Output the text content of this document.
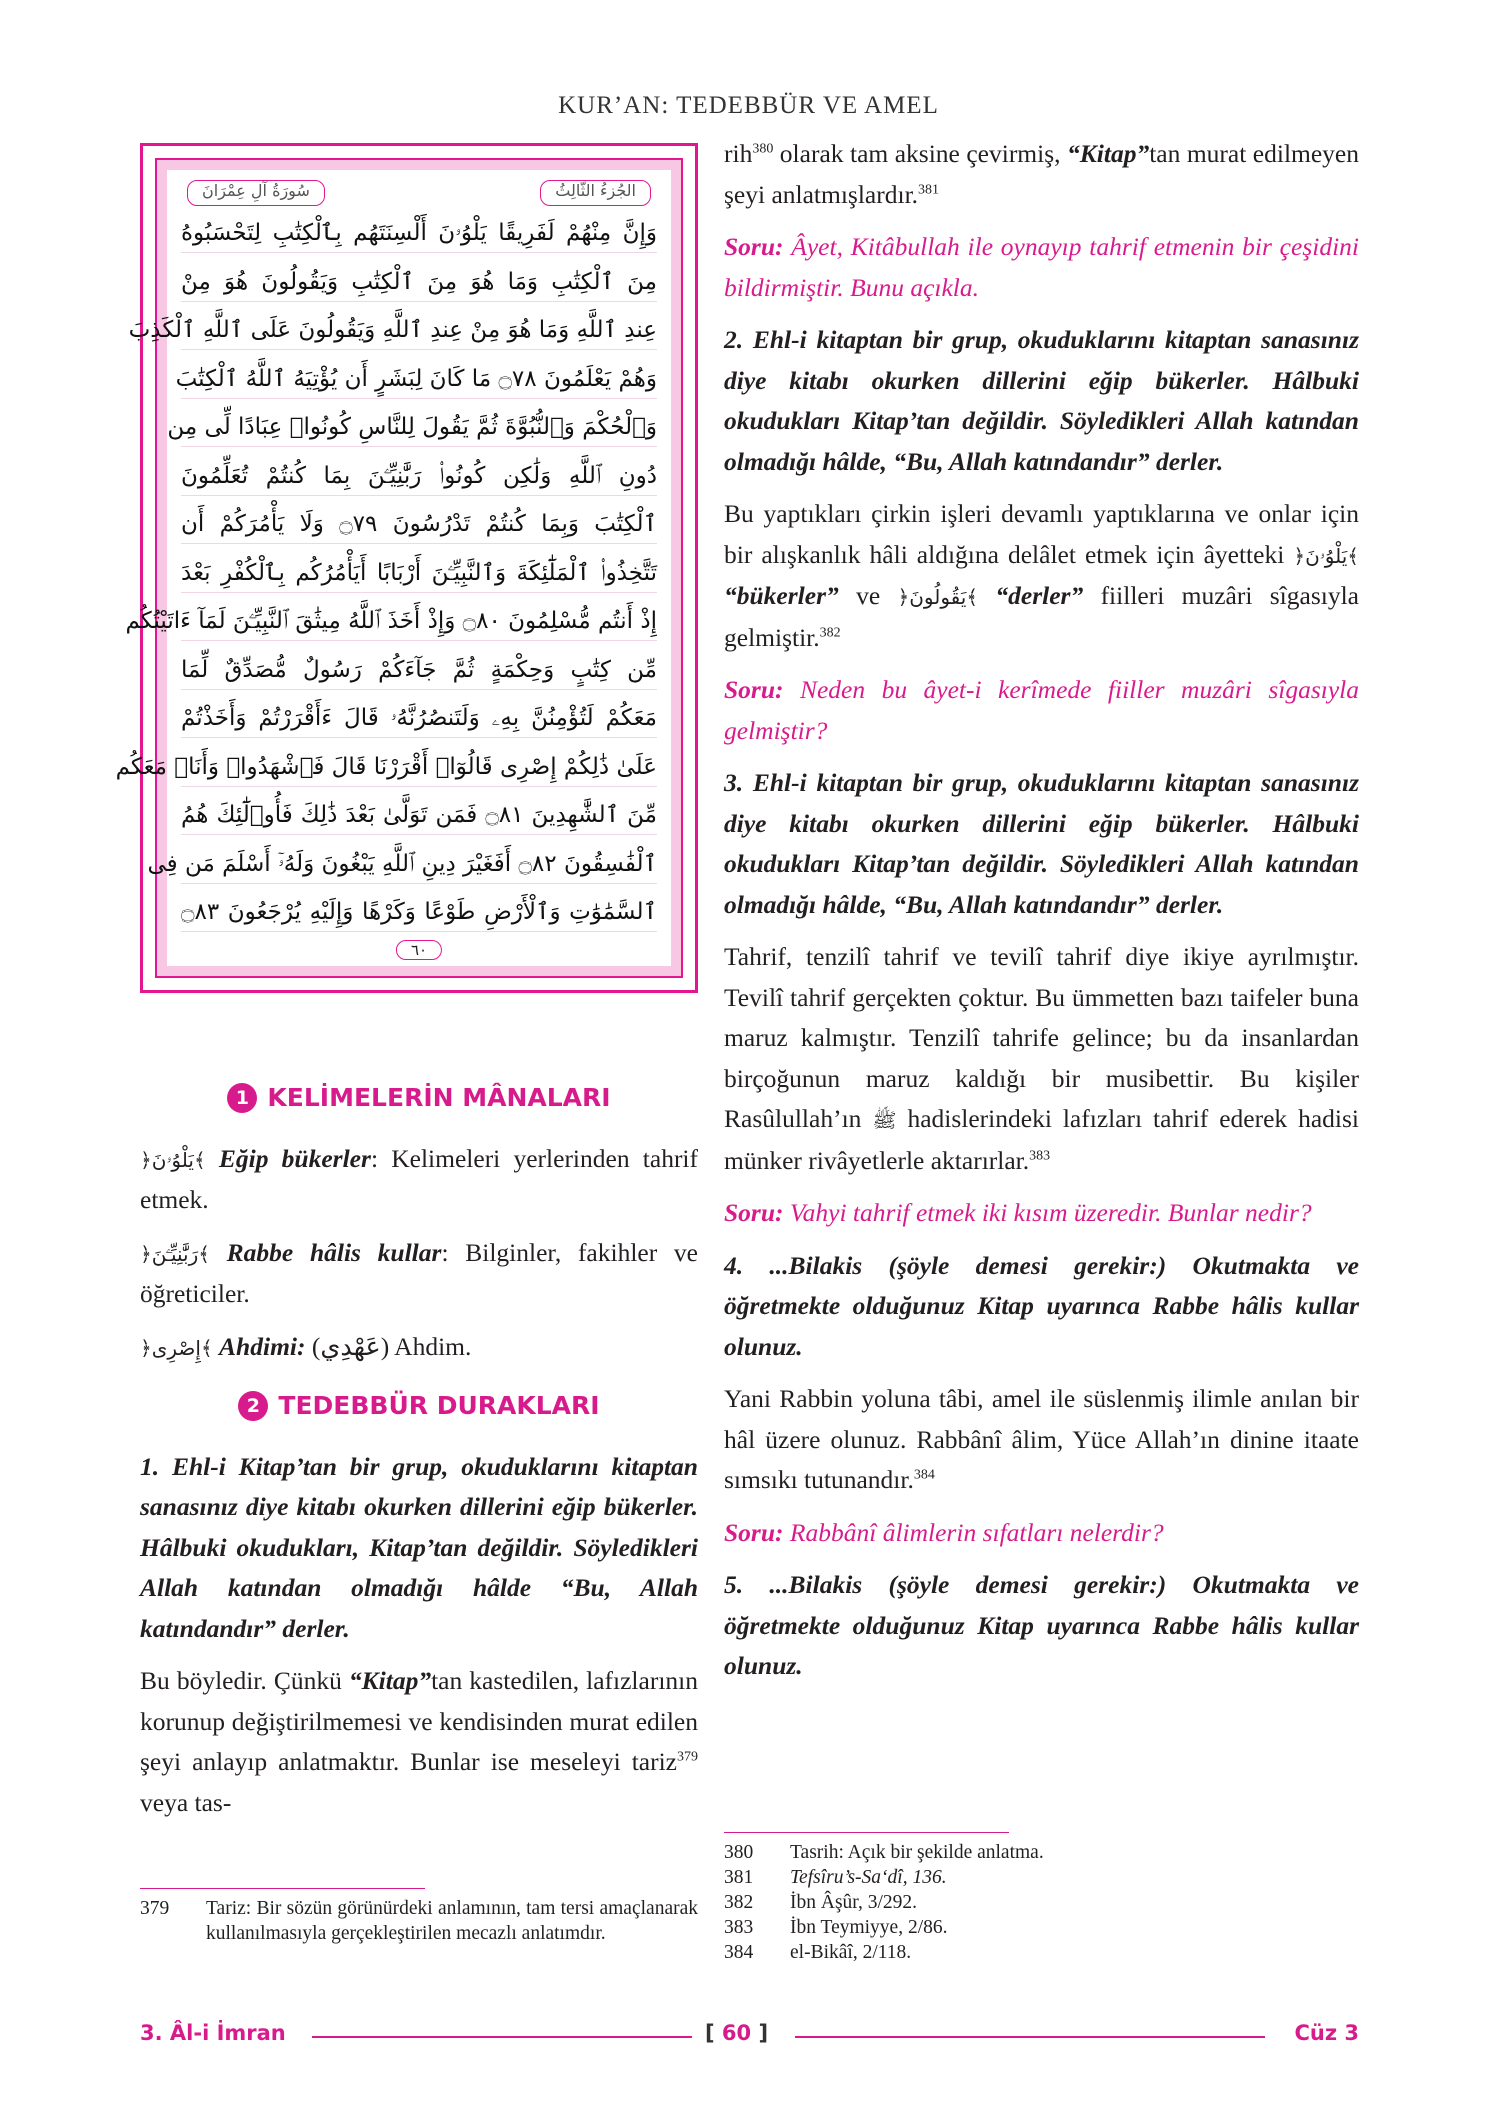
KUR’AN: TEDEBBÜR VE AMEL
الجُزءُ الثّالِثُ
سُورَةُ آلِ عِمْرَانَ
وَإِنَّ مِنْهُمْ لَفَرِيقًا يَلْوُۥنَ أَلْسِنَتَهُم بِٱلْكِتَٰبِ لِتَحْسَبُوهُ
مِنَ ٱلْكِتَٰبِ وَمَا هُوَ مِنَ ٱلْكِتَٰبِ وَيَقُولُونَ هُوَ مِنْ
عِندِ ٱللَّهِ وَمَا هُوَ مِنْ عِندِ ٱللَّهِ وَيَقُولُونَ عَلَى ٱللَّهِ ٱلْكَذِبَ
وَهُمْ يَعْلَمُونَ ۝٧٨ مَا كَانَ لِبَشَرٍ أَن يُؤْتِيَهُ ٱللَّهُ ٱلْكِتَٰبَ
وَٱلْحُكْمَ وَٱلنُّبُوَّةَ ثُمَّ يَقُولَ لِلنَّاسِ كُونُوا۟ عِبَادًا لِّى مِن
دُونِ ٱللَّهِ وَلَٰكِن كُونُوا۟ رَبَّٰنِيِّـۧنَ بِمَا كُنتُمْ تُعَلِّمُونَ
ٱلْكِتَٰبَ وَبِمَا كُنتُمْ تَدْرُسُونَ ۝٧٩ وَلَا يَأْمُرَكُمْ أَن
تَتَّخِذُوا۟ ٱلْمَلَٰٓئِكَةَ وَٱلنَّبِيِّـۧنَ أَرْبَابًا أَيَأْمُرُكُم بِٱلْكُفْرِ بَعْدَ
إِذْ أَنتُم مُّسْلِمُونَ ۝٨٠ وَإِذْ أَخَذَ ٱللَّهُ مِيثَٰقَ ٱلنَّبِيِّـۧنَ لَمَآ ءَاتَيْتُكُم
مِّن كِتَٰبٍ وَحِكْمَةٍ ثُمَّ جَآءَكُمْ رَسُولٌ مُّصَدِّقٌ لِّمَا
مَعَكُمْ لَتُؤْمِنُنَّ بِهِۦ وَلَتَنصُرُنَّهُۥ قَالَ ءَأَقْرَرْتُمْ وَأَخَذْتُمْ
عَلَىٰ ذَٰلِكُمْ إِصْرِى قَالُوٓا۟ أَقْرَرْنَا قَالَ فَٱشْهَدُوا۟ وَأَنَا۠ مَعَكُم
مِّنَ ٱلشَّٰهِدِينَ ۝٨١ فَمَن تَوَلَّىٰ بَعْدَ ذَٰلِكَ فَأُو۟لَٰٓئِكَ هُمُ
ٱلْفَٰسِقُونَ ۝٨٢ أَفَغَيْرَ دِينِ ٱللَّهِ يَبْغُونَ وَلَهُۥٓ أَسْلَمَ مَن فِى
ٱلسَّمَٰوَٰتِ وَٱلْأَرْضِ طَوْعًا وَكَرْهًا وَإِلَيْهِ يُرْجَعُونَ ۝٨٣
٦٠
1 KELİMELERİN MÂNALARI

﴿يَلْوُۥنَ﴾ Eğip bükerler: Kelimeleri yerlerinden tahrif etmek.

﴿رَبَّٰنِيِّـۧنَ﴾ Rabbe hâlis kullar: Bilginler, fakihler ve öğreticiler.

﴿إِصْرِى﴾ Ahdimi: (عَهْدِي) Ahdim.

2 TEDEBBÜR DURAKLARI

1. Ehl-i Kitap’tan bir grup, okuduklarını kitaptan sanasınız diye kitabı okurken dillerini eğip bükerler. Hâlbuki okudukları, Kitap’tan değildir. Söyledikleri Allah katından olmadığı hâlde “Bu, Allah katındandır” derler.

Bu böyledir. Çünkü “Kitap”tan kastedilen, lafızlarının korunup değiştirilmemesi ve kendisinden murat edilen şeyi anlayıp anlatmaktır. Bunlar ise meseleyi tariz$^{379}$ veya tas-

rih$^{380}$ olarak tam aksine çevirmiş, “Kitap”tan murat edilmeyen şeyi anlatmışlardır.$^{381}$

Soru: Âyet, Kitâbullah ile oynayıp tahrif etmenin bir çeşidini bildirmiştir. Bunu açıkla.

2. Ehl-i kitaptan bir grup, okuduklarını kitaptan sanasınız diye kitabı okurken dillerini eğip bükerler. Hâlbuki okudukları Kitap’tan değildir. Söyledikleri Allah katından olmadığı hâlde, “Bu, Allah katındandır” derler.

Bu yaptıkları çirkin işleri devamlı yaptıklarına ve onlar için bir alışkanlık hâli aldığına delâlet etmek için âyetteki ﴿يَلْوُۥنَ﴾ “bükerler” ve ﴿يَقُولُونَ﴾ “derler” fiilleri muzâri sîgasıyla gelmiştir.$^{382}$

Soru: Neden bu âyet-i kerîmede fiiller muzâri sîgasıyla gelmiştir?

3. Ehl-i kitaptan bir grup, okuduklarını kitaptan sanasınız diye kitabı okurken dillerini eğip bükerler. Hâlbuki okudukları Kitap’tan değildir. Söyledikleri Allah katından olmadığı hâlde, “Bu, Allah katındandır” derler.

Tahrif, tenzilî tahrif ve tevilî tahrif diye ikiye ayrılmıştır. Tevilî tahrif gerçekten çoktur. Bu ümmetten bazı taifeler buna maruz kalmıştır. Tenzilî tahrife gelince; bu da insanlardan birçoğunun maruz kaldığı bir musibettir. Bu kişiler Rasûlullah’ın ﷺ hadislerindeki lafızları tahrif ederek hadisi münker rivâyetlerle aktarırlar.$^{383}$

Soru: Vahyi tahrif etmek iki kısım üzeredir. Bunlar nedir?

4. ...Bilakis (şöyle demesi gerekir:) Okutmakta ve öğretmekte olduğunuz Kitap uyarınca Rabbe hâlis kullar olunuz.

Yani Rabbin yoluna tâbi, amel ile süslenmiş ilimle anılan bir hâl üzere olunuz. Rabbânî âlim, Yüce Allah’ın dinine itaate sımsıkı tutunandır.$^{384}$

Soru: Rabbânî âlimlerin sıfatları nelerdir?

5. ...Bilakis (şöyle demesi gerekir:) Okutmakta ve öğretmekte olduğunuz Kitap uyarınca Rabbe hâlis kullar olunuz.

379	Tariz: Bir sözün görünürdeki anlamının, tam tersi amaçlanarak kullanılmasıyla gerçekleştirilen mecazlı anlatımdır.
380	Tasrih: Açık bir şekilde anlatma.
381	Tefsîru’s-Sa‘dî, 136.
382	İbn Âşûr, 3/292.
383	İbn Teymiyye, 2/86.
384	el-Bikâî, 2/118.
3. Âl-i İmran	[ 60 ]	Cüz 3
